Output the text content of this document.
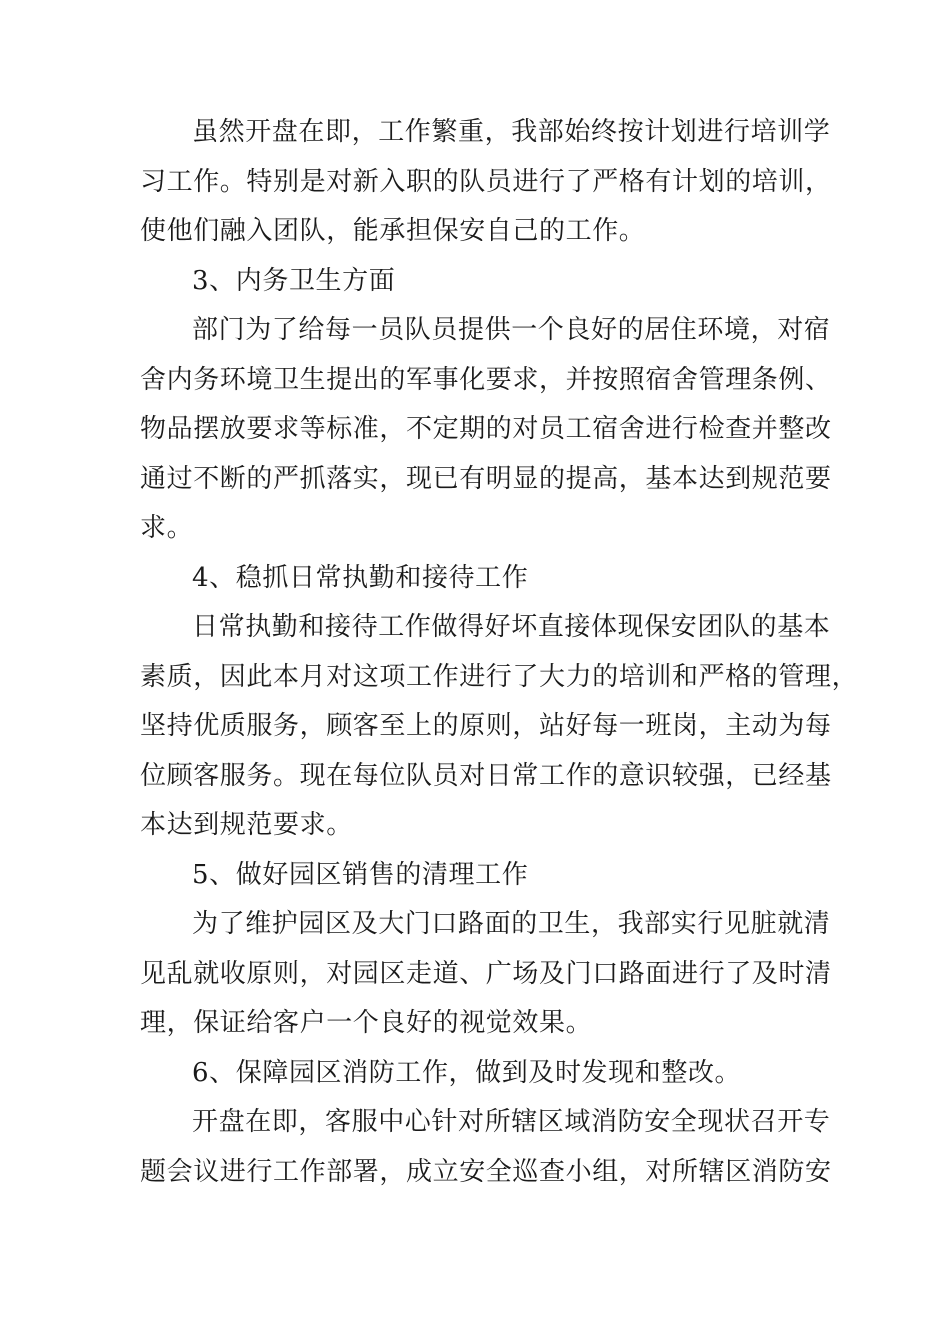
虽然开盘在即，工作繁重，我部始终按计划进行培训学
习工作。特别是对新入职的队员进行了严格有计划的培训，
使他们融入团队，能承担保安自己的工作。
3、内务卫生方面
部门为了给每一员队员提供一个良好的居住环境，对宿
舍内务环境卫生提出的军事化要求，并按照宿舍管理条例、
物品摆放要求等标准，不定期的对员工宿舍进行检查并整改
通过不断的严抓落实，现已有明显的提高，基本达到规范要
求。
4、稳抓日常执勤和接待工作
日常执勤和接待工作做得好坏直接体现保安团队的基本
素质，因此本月对这项工作进行了大力的培训和严格的管理，
坚持优质服务，顾客至上的原则，站好每一班岗，主动为每
位顾客服务。现在每位队员对日常工作的意识较强，已经基
本达到规范要求。
5、做好园区销售的清理工作
为了维护园区及大门口路面的卫生，我部实行见脏就清
见乱就收原则，对园区走道、广场及门口路面进行了及时清
理，保证给客户一个良好的视觉效果。
6、保障园区消防工作，做到及时发现和整改。
开盘在即，客服中心针对所辖区域消防安全现状召开专
题会议进行工作部署，成立安全巡查小组，对所辖区消防安
